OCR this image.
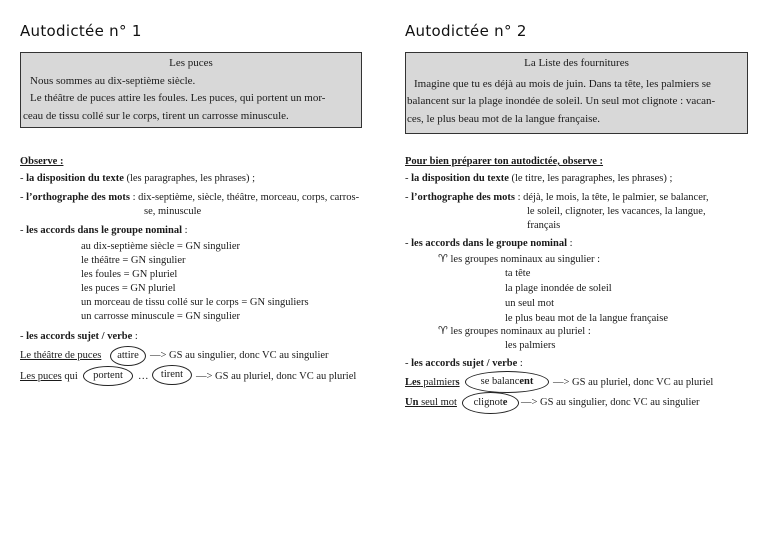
Autodictée n° 1
Les puces
Nous sommes au dix-septième siècle.
Le théâtre de puces attire les foules. Les puces, qui portent un mor-
ceau de tissu collé sur le corps, tirent un carrosse minuscule.
Observe :
- la disposition du texte (les paragraphes, les phrases) ;
- l’orthographe des mots : dix-septième, siècle, théâtre, morceau, corps, carros-
se, minuscule
- les accords dans le groupe nominal :
au dix-septième siècle = GN singulier
le théâtre = GN singulier
les foules = GN pluriel
les puces = GN pluriel
un morceau de tissu collé sur le corps = GN singuliers
un carrosse minuscule = GN singulier
- les accords sujet / verbe :
Le théâtre de puces	attire	—> GS au singulier, donc VC au singulier
Les puces qui	portent	…	tirent	—> GS au pluriel, donc VC au pluriel
Autodictée n° 2
La Liste des fournitures
Imagine que tu es déjà au mois de juin. Dans ta tête, les palmiers se
balancent sur la plage inondée de soleil. Un seul mot clignote : vacan-
ces, le plus beau mot de la langue française.
Pour bien préparer ton autodictée, observe :
- la disposition du texte (le titre, les paragraphes, les phrases) ;
- l’orthographe des mots : déjà, le mois, la tête, le palmier, se balancer,
le soleil, clignoter, les vacances, la langue,
français
- les accords dans le groupe nominal :
♈ les groupes nominaux au singulier :
ta tête
la plage inondée de soleil
un seul mot
le plus beau mot de la langue française
♈ les groupes nominaux au pluriel :
les palmiers
- les accords sujet / verbe :
Les palmiers	se balancent	—> GS au pluriel, donc VC au pluriel
Un seul mot	clignote	—> GS au singulier, donc VC au singulier
